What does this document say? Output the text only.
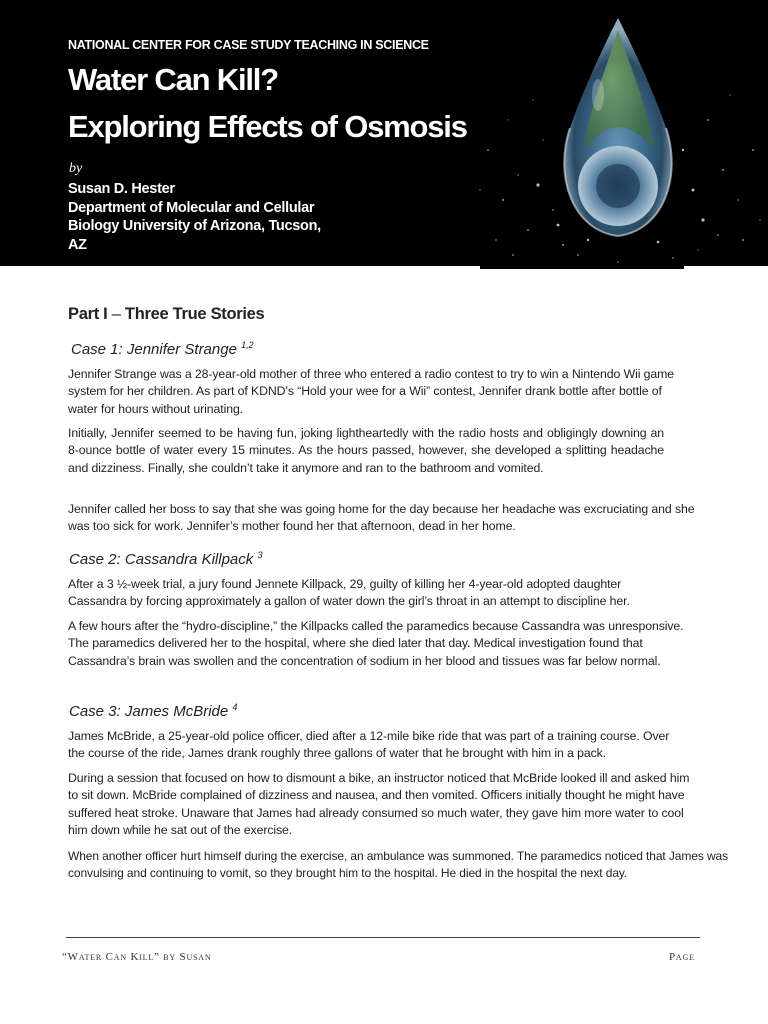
NATIONAL CENTER FOR CASE STUDY TEACHING IN SCIENCE
Water Can Kill?
Exploring Effects of Osmosis
by
Susan D. Hester
Department of Molecular and Cellular
Biology University of Arizona, Tucson,
AZ
Part I – Three True Stories
Case 1: Jennifer Strange $^{1,2}$
Jennifer Strange was a 28-year-old mother of three who entered a radio contest to try to win a Nintendo Wii game system for her children. As part of KDND’s “Hold your wee for a Wii” contest, Jennifer drank bottle after bottle of water for hours without urinating.
Initially, Jennifer seemed to be having fun, joking lightheartedly with the radio hosts and obligingly downing an 8-ounce bottle of water every 15 minutes. As the hours passed, however, she developed a splitting headache and dizziness. Finally, she couldn’t take it anymore and ran to the bathroom and vomited.
Jennifer called her boss to say that she was going home for the day because her headache was excruciating and she was too sick for work. Jennifer’s mother found her that afternoon, dead in her home.
Case 2: Cassandra Killpack $^3$
After a 3 ½-week trial, a jury found Jennete Killpack, 29, guilty of killing her 4-year-old adopted daughter Cassandra by forcing approximately a gallon of water down the girl’s throat in an attempt to discipline her.
A few hours after the “hydro-discipline,” the Killpacks called the paramedics because Cassandra was unresponsive. The paramedics delivered her to the hospital, where she died later that day. Medical investigation found that Cassandra’s brain was swollen and the concentration of sodium in her blood and tissues was far below normal.
Case 3: James McBride $^4$
James McBride, a 25-year-old police officer, died after a 12-mile bike ride that was part of a training course. Over the course of the ride, James drank roughly three gallons of water that he brought with him in a pack.
During a session that focused on how to dismount a bike, an instructor noticed that McBride looked ill and asked him to sit down. McBride complained of dizziness and nausea, and then vomited. Officers initially thought he might have suffered heat stroke. Unaware that James had already consumed so much water, they gave him more water to cool him down while he sat out of the exercise.
When another officer hurt himself during the exercise, an ambulance was summoned. The paramedics noticed that James was convulsing and continuing to vomit, so they brought him to the hospital. He died in the hospital the next day.
“Water Can Kill” by Susan	Page
